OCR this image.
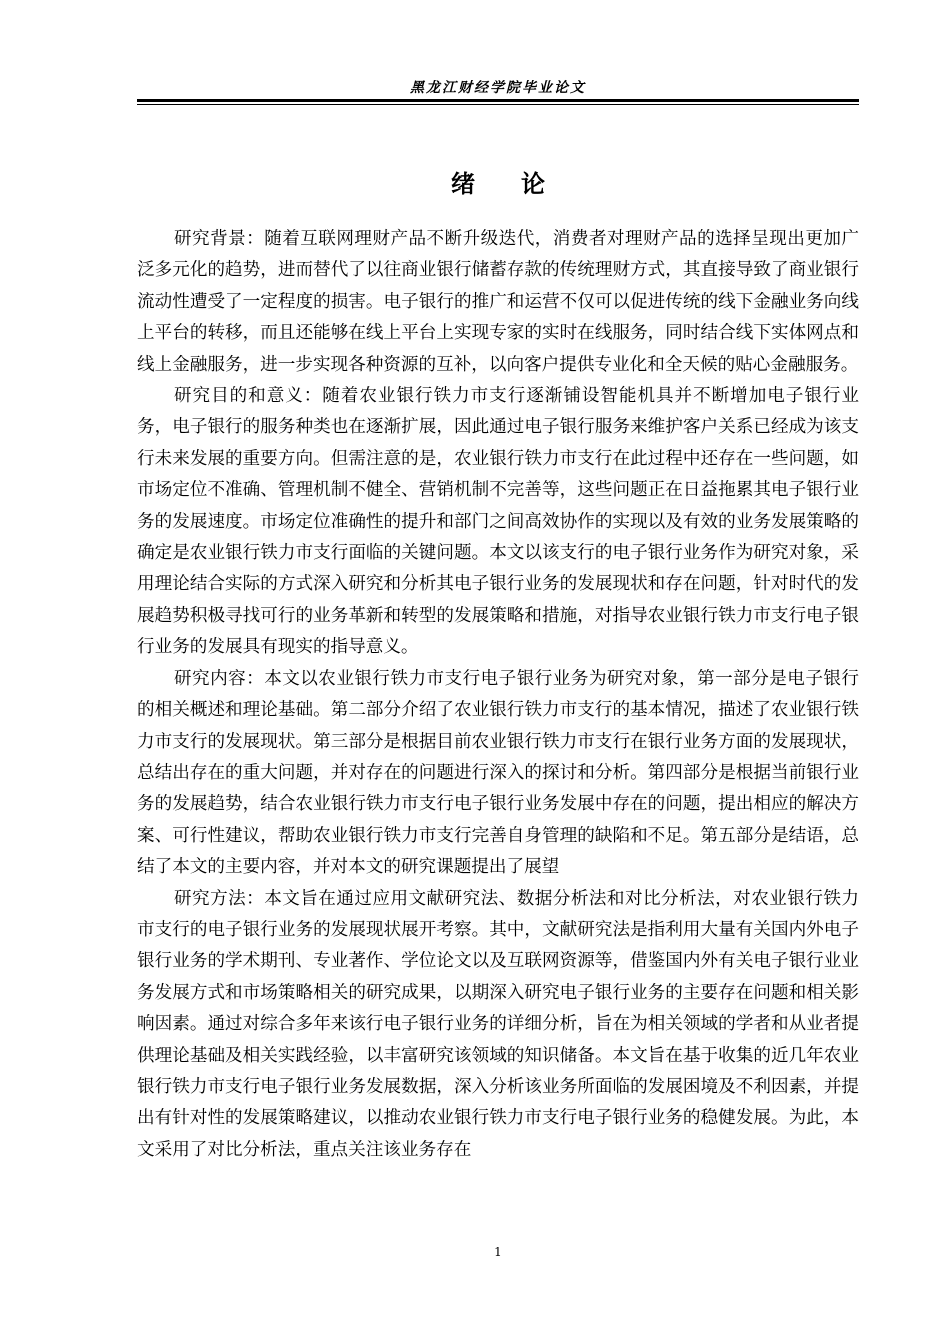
黑龙江财经学院毕业论文
绪论

研究背景：随着互联网理财产品不断升级迭代，消费者对理财产品的选择呈现出更加广泛多元化的趋势，进而替代了以往商业银行储蓄存款的传统理财方式，其直接导致了商业银行流动性遭受了一定程度的损害。电子银行的推广和运营不仅可以促进传统的线下金融业务向线上平台的转移，而且还能够在线上平台上实现专家的实时在线服务，同时结合线下实体网点和线上金融服务，进一步实现各种资源的互补，以向客户提供专业化和全天候的贴心金融服务。

研究目的和意义：随着农业银行铁力市支行逐渐铺设智能机具并不断增加电子银行业务，电子银行的服务种类也在逐渐扩展，因此通过电子银行服务来维护客户关系已经成为该支行未来发展的重要方向。但需注意的是，农业银行铁力市支行在此过程中还存在一些问题，如市场定位不准确、管理机制不健全、营销机制不完善等，这些问题正在日益拖累其电子银行业务的发展速度。市场定位准确性的提升和部门之间高效协作的实现以及有效的业务发展策略的确定是农业银行铁力市支行面临的关键问题。本文以该支行的电子银行业务作为研究对象，采用理论结合实际的方式深入研究和分析其电子银行业务的发展现状和存在问题，针对时代的发展趋势积极寻找可行的业务革新和转型的发展策略和措施，对指导农业银行铁力市支行电子银行业务的发展具有现实的指导意义。

研究内容：本文以农业银行铁力市支行电子银行业务为研究对象，第一部分是电子银行的相关概述和理论基础。第二部分介绍了农业银行铁力市支行的基本情况，描述了农业银行铁力市支行的发展现状。第三部分是根据目前农业银行铁力市支行在银行业务方面的发展现状，总结出存在的重大问题，并对存在的问题进行深入的探讨和分析。第四部分是根据当前银行业务的发展趋势，结合农业银行铁力市支行电子银行业务发展中存在的问题，提出相应的解决方案、可行性建议，帮助农业银行铁力市支行完善自身管理的缺陷和不足。第五部分是结语，总结了本文的主要内容，并对本文的研究课题提出了展望

研究方法：本文旨在通过应用文献研究法、数据分析法和对比分析法，对农业银行铁力市支行的电子银行业务的发展现状展开考察。其中，文献研究法是指利用大量有关国内外电子银行业务的学术期刊、专业著作、学位论文以及互联网资源等，借鉴国内外有关电子银行业业务发展方式和市场策略相关的研究成果，以期深入研究电子银行业务的主要存在问题和相关影响因素。通过对综合多年来该行电子银行业务的详细分析，旨在为相关领域的学者和从业者提供理论基础及相关实践经验，以丰富研究该领域的知识储备。本文旨在基于收集的近几年农业银行铁力市支行电子银行业务发展数据，深入分析该业务所面临的发展困境及不利因素，并提出有针对性的发展策略建议，以推动农业银行铁力市支行电子银行业务的稳健发展。为此，本文采用了对比分析法，重点关注该业务存在

1
